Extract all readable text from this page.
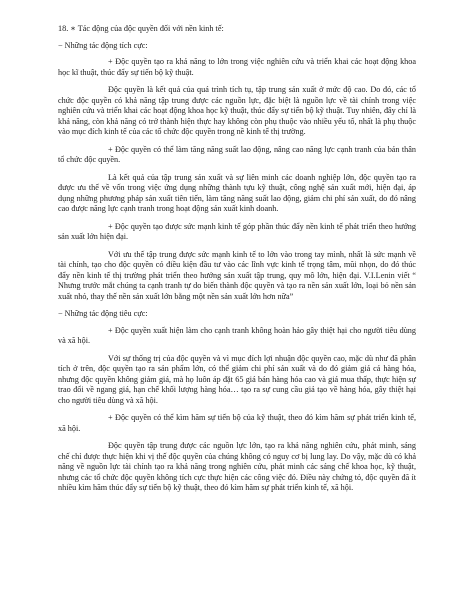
18. ∗ Tác động của độc quyền đối với nền kinh tế:

− Những tác động tích cực:

+ Độc quyền tạo ra khả năng to lớn trong việc nghiên cứu và triển khai các hoạt động khoa học kĩ thuật, thúc đẩy sự tiến bộ kỹ thuật.

Độc quyền là kết quả của quá trình tích tụ, tập trung sản xuất ở mức độ cao. Do đó, các tổ chức độc quyền có khả năng tập trung được các nguồn lực, đặc biệt là nguồn lực về tài chính trong việc nghiên cứu và triển khai các hoạt động khoa học kỹ thuật, thúc đẩy sự tiến bộ kỹ thuật. Tuy nhiên, đây chỉ là khả năng, còn khả năng có trở thành hiện thực hay không còn phụ thuộc vào nhiều yếu tố, nhất là phụ thuộc vào mục đích kinh tế của các tổ chức độc quyền trong nề kinh tế thị trường.

+ Độc quyền có thể làm tăng năng suất lao động, nâng cao năng lực cạnh tranh của bản thân tổ chức độc quyền.

Là kết quả của tập trung sản xuất và sự liên minh các doanh nghiệp lớn, độc quyền tạo ra được ưu thế về vốn trong việc ứng dụng những thành tựu kỹ thuật, công nghệ sản xuất mới, hiện đại, áp dụng những phương pháp sản xuất tiên tiến, làm tăng năng suất lao động, giảm chi phí sản xuất, do đó nâng cao được năng lực cạnh tranh trong hoạt động sản xuất kinh doanh.

+ Độc quyền tạo được sức mạnh kinh tế góp phần thúc đẩy nền kinh tế phát triển theo hướng sản xuất lớn hiện đại.

Với ưu thế tập trung được sức mạnh kinh tế to lớn vào trong tay mình, nhất là sức mạnh về tài chính, tạo cho độc quyền có điều kiện đầu tư vào các lĩnh vực kinh tế trọng tâm, mũi nhọn, do đó thúc đẩy nền kinh tế thị trường phát triển theo hướng sản xuất tập trung, quy mô lớn, hiện đại. V.I.Lenin viết “ Nhưng trước mắt chúng ta cạnh tranh tự do biến thành độc quyền và tạo ra nền sản xuất lớn, loại bỏ nền sản xuất nhỏ, thay thế nền sản xuất lớn bằng một nền sản xuất lớn hơn nữa”

− Những tác động tiêu cực:

+ Độc quyền xuất hiện làm cho cạnh tranh không hoàn hảo gây thiệt hại cho người tiêu dùng và xã hội.

Với sự thống trị của độc quyền và vì mục đích lợi nhuận độc quyền cao, mặc dù như đã phân tích ở trên, độc quyền tạo ra sản phẩm lớn, có thể giảm chi phí sản xuất và do đó giảm giá cả hàng hóa, nhưng độc quyền không giảm giá, mà họ luôn áp đặt 65 giá bán hàng hóa cao và giá mua thấp, thực hiện sự trao đổi về ngang giá, hạn chế khối lượng hàng hóa… tạo ra sự cung cầu giả tạo về hàng hóa, gây thiệt hại cho người tiêu dùng và xã hội.

+ Độc quyền có thể kìm hãm sự tiến bộ của kỹ thuật, theo đó kìm hãm sự phát triển kinh tế, xã hội.

Độc quyền tập trung được các nguồn lực lớn, tạo ra khả năng nghiên cứu, phát minh, sáng chế chỉ được thực hiện khi vị thế độc quyền của chúng không có nguy cơ bị lung lay. Do vậy, mặc dù có khả năng về nguồn lực tài chính tạo ra khả năng trong nghiên cứu, phát minh các sáng chế khoa học, kỹ thuật, nhưng các tổ chức độc quyền không tích cực thực hiện các công việc đó. Điều này chứng tỏ, độc quyền đã ít nhiều kìm hãm thúc đẩy sự tiến bộ kỹ thuật, theo đó kìm hãm sự phát triển kinh tế, xã hội.
